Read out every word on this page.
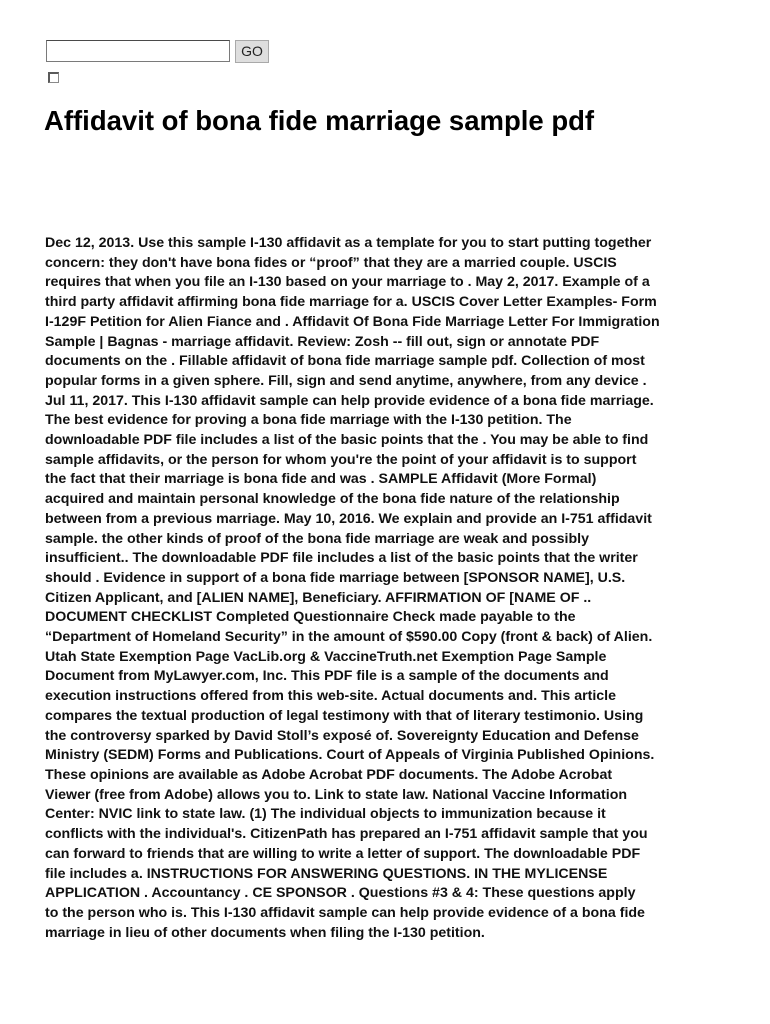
GO
Affidavit of bona fide marriage sample pdf
Dec 12, 2013. Use this sample I-130 affidavit as a template for you to start putting together
concern: they don't have bona fides or “proof” that they are a married couple. USCIS
requires that when you file an I-130 based on your marriage to . May 2, 2017. Example of a
third party affidavit affirming bona fide marriage for a. USCIS Cover Letter Examples- Form
I-129F Petition for Alien Fiance and . Affidavit Of Bona Fide Marriage Letter For Immigration
Sample | Bagnas - marriage affidavit. Review: Zosh -- fill out, sign or annotate PDF
documents on the . Fillable affidavit of bona fide marriage sample pdf. Collection of most
popular forms in a given sphere. Fill, sign and send anytime, anywhere, from any device .
Jul 11, 2017. This I-130 affidavit sample can help provide evidence of a bona fide marriage.
The best evidence for proving a bona fide marriage with the I-130 petition. The
downloadable PDF file includes a list of the basic points that the . You may be able to find
sample affidavits, or the person for whom you're the point of your affidavit is to support
the fact that their marriage is bona fide and was . SAMPLE Affidavit (More Formal)
acquired and maintain personal knowledge of the bona fide nature of the relationship
between from a previous marriage. May 10, 2016. We explain and provide an I-751 affidavit
sample. the other kinds of proof of the bona fide marriage are weak and possibly
insufficient.. The downloadable PDF file includes a list of the basic points that the writer
should . Evidence in support of a bona fide marriage between [SPONSOR NAME], U.S.
Citizen Applicant, and [ALIEN NAME], Beneficiary. AFFIRMATION OF [NAME OF ..
DOCUMENT CHECKLIST Completed Questionnaire Check made payable to the
“Department of Homeland Security” in the amount of $590.00 Copy (front & back) of Alien.
Utah State Exemption Page VacLib.org & VaccineTruth.net Exemption Page Sample
Document from MyLawyer.com, Inc. This PDF file is a sample of the documents and
execution instructions offered from this web-site. Actual documents and. This article
compares the textual production of legal testimony with that of literary testimonio. Using
the controversy sparked by David Stoll’s exposé of. Sovereignty Education and Defense
Ministry (SEDM) Forms and Publications. Court of Appeals of Virginia Published Opinions.
These opinions are available as Adobe Acrobat PDF documents. The Adobe Acrobat
Viewer (free from Adobe) allows you to. Link to state law. National Vaccine Information
Center: NVIC link to state law. (1) The individual objects to immunization because it
conflicts with the individual's. CitizenPath has prepared an I-751 affidavit sample that you
can forward to friends that are willing to write a letter of support. The downloadable PDF
file includes a. INSTRUCTIONS FOR ANSWERING QUESTIONS. IN THE MYLICENSE
APPLICATION . Accountancy . CE SPONSOR . Questions #3 & 4: These questions apply
to the person who is. This I-130 affidavit sample can help provide evidence of a bona fide
marriage in lieu of other documents when filing the I-130 petition.
